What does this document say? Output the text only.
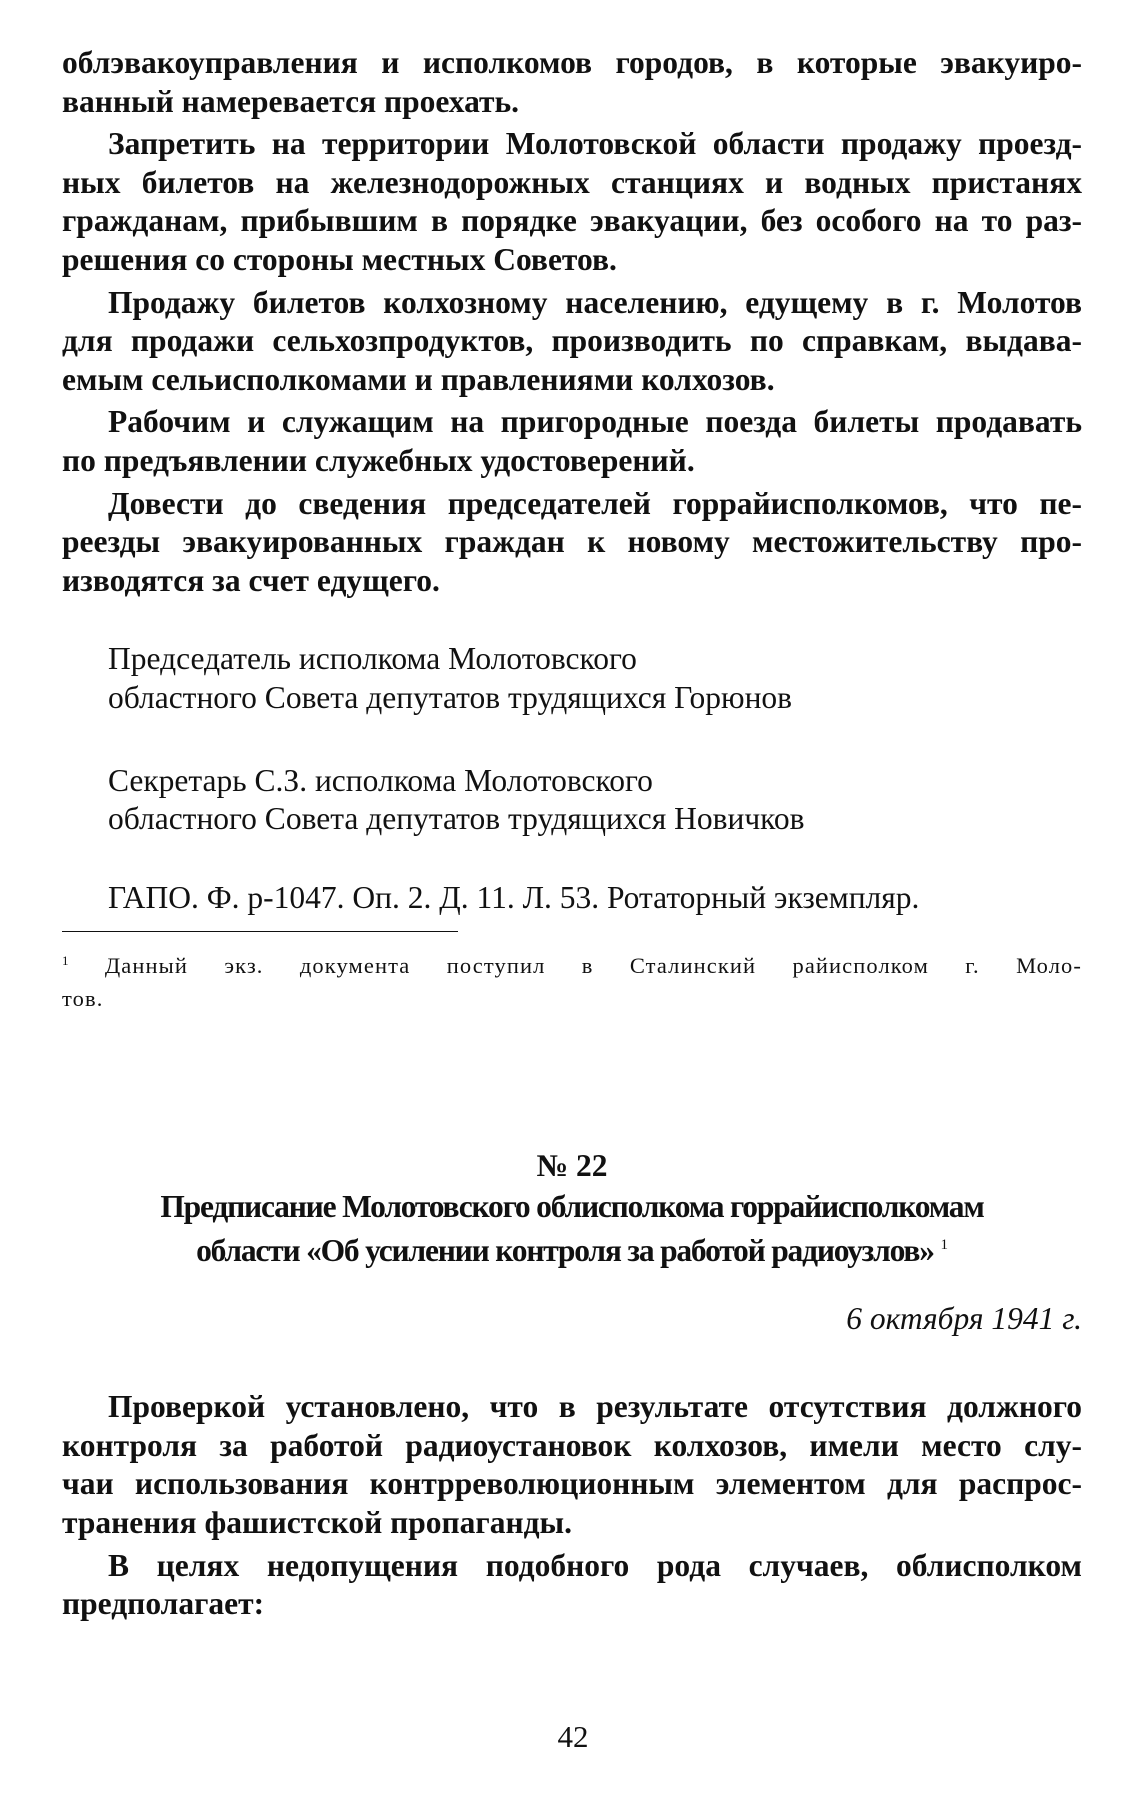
облэвакоуправления и исполкомов городов, в которые эвакуиро-
ванный намеревается проехать.

Запретить на территории Молотовской области продажу проезд-
ных билетов на железнодорожных станциях и водных пристанях
гражданам, прибывшим в порядке эвакуации, без особого на то раз-
решения со стороны местных Советов.

Продажу билетов колхозному населению, едущему в г. Молотов
для продажи сельхозпродуктов, производить по справкам, выдава-
емым сельисполкомами и правлениями колхозов.

Рабочим и служащим на пригородные поезда билеты продавать
по предъявлении служебных удостоверений.

Довести до сведения председателей горрайисполкомов, что пе-
реезды эвакуированных граждан к новому местожительству про-
изводятся за счет едущего.

Председатель исполкома Молотовского
областного Совета депутатов трудящихся Горюнов
Секретарь С.З. исполкома Молотовского
областного Совета депутатов трудящихся Новичков
ГАПО. Ф. р-1047. Оп. 2. Д. 11. Л. 53. Ротаторный экземпляр.
$^1$ Данный экз. документа поступил в Сталинский райисполком г. Моло-
тов.
№ 22
Предписание Молотовского облисполкома горрайисполкомам
области «Об усилении контроля за работой радиоузлов» $^1$
6 октября 1941 г.

Проверкой установлено, что в результате отсутствия должного
контроля за работой радиоустановок колхозов, имели место слу-
чаи использования контрреволюционным элементом для распрос-
транения фашистской пропаганды.

В целях недопущения подобного рода случаев, облисполком
предполагает:

42
